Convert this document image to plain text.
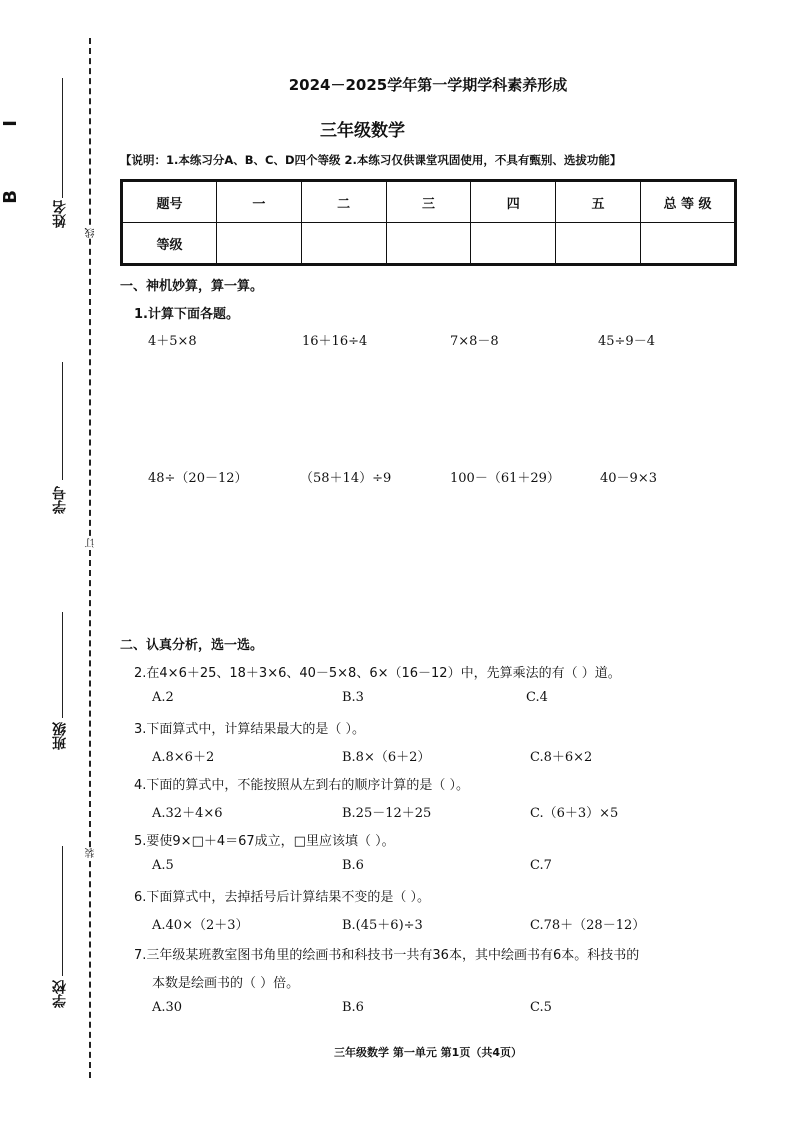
I
B
姓名
线
学号
订
班级
装
学校
2024－2025学年第一学期学科素养形成
三年级数学
【说明：1.本练习分A、B、C、D四个等级 2.本练习仅供课堂巩固使用，不具有甄别、选拔功能】
题号	一	二	三	四	五	总 等 级
等级						
一、神机妙算，算一算。
1.计算下面各题。
4＋5×8	16＋16÷4	7×8－8	45÷9－4
48÷（20－12）	（58＋14）÷9	100－（61＋29）	40－9×3
二、认真分析，选一选。
2.在4×6＋25、18＋3×6、40－5×8、6×（16－12）中，先算乘法的有（ ）道。
A.2	B.3	C.4
3.下面算式中，计算结果最大的是（ ）。
A.8×6＋2	B.8×（6＋2）	C.8＋6×2
4.下面的算式中，不能按照从左到右的顺序计算的是（ ）。
A.32＋4×6	B.25－12＋25	C.（6＋3）×5
5.要使9×□＋4＝67成立，□里应该填（ ）。
A.5	B.6	C.7
6.下面算式中，去掉括号后计算结果不变的是（ ）。
A.40×（2＋3）	B.(45＋6)÷3	C.78＋（28－12）
7.三年级某班教室图书角里的绘画书和科技书一共有36本，其中绘画书有6本。科技书的
本数是绘画书的（ ）倍。
A.30	B.6	C.5
三年级数学 第一单元 第1页（共4页）
